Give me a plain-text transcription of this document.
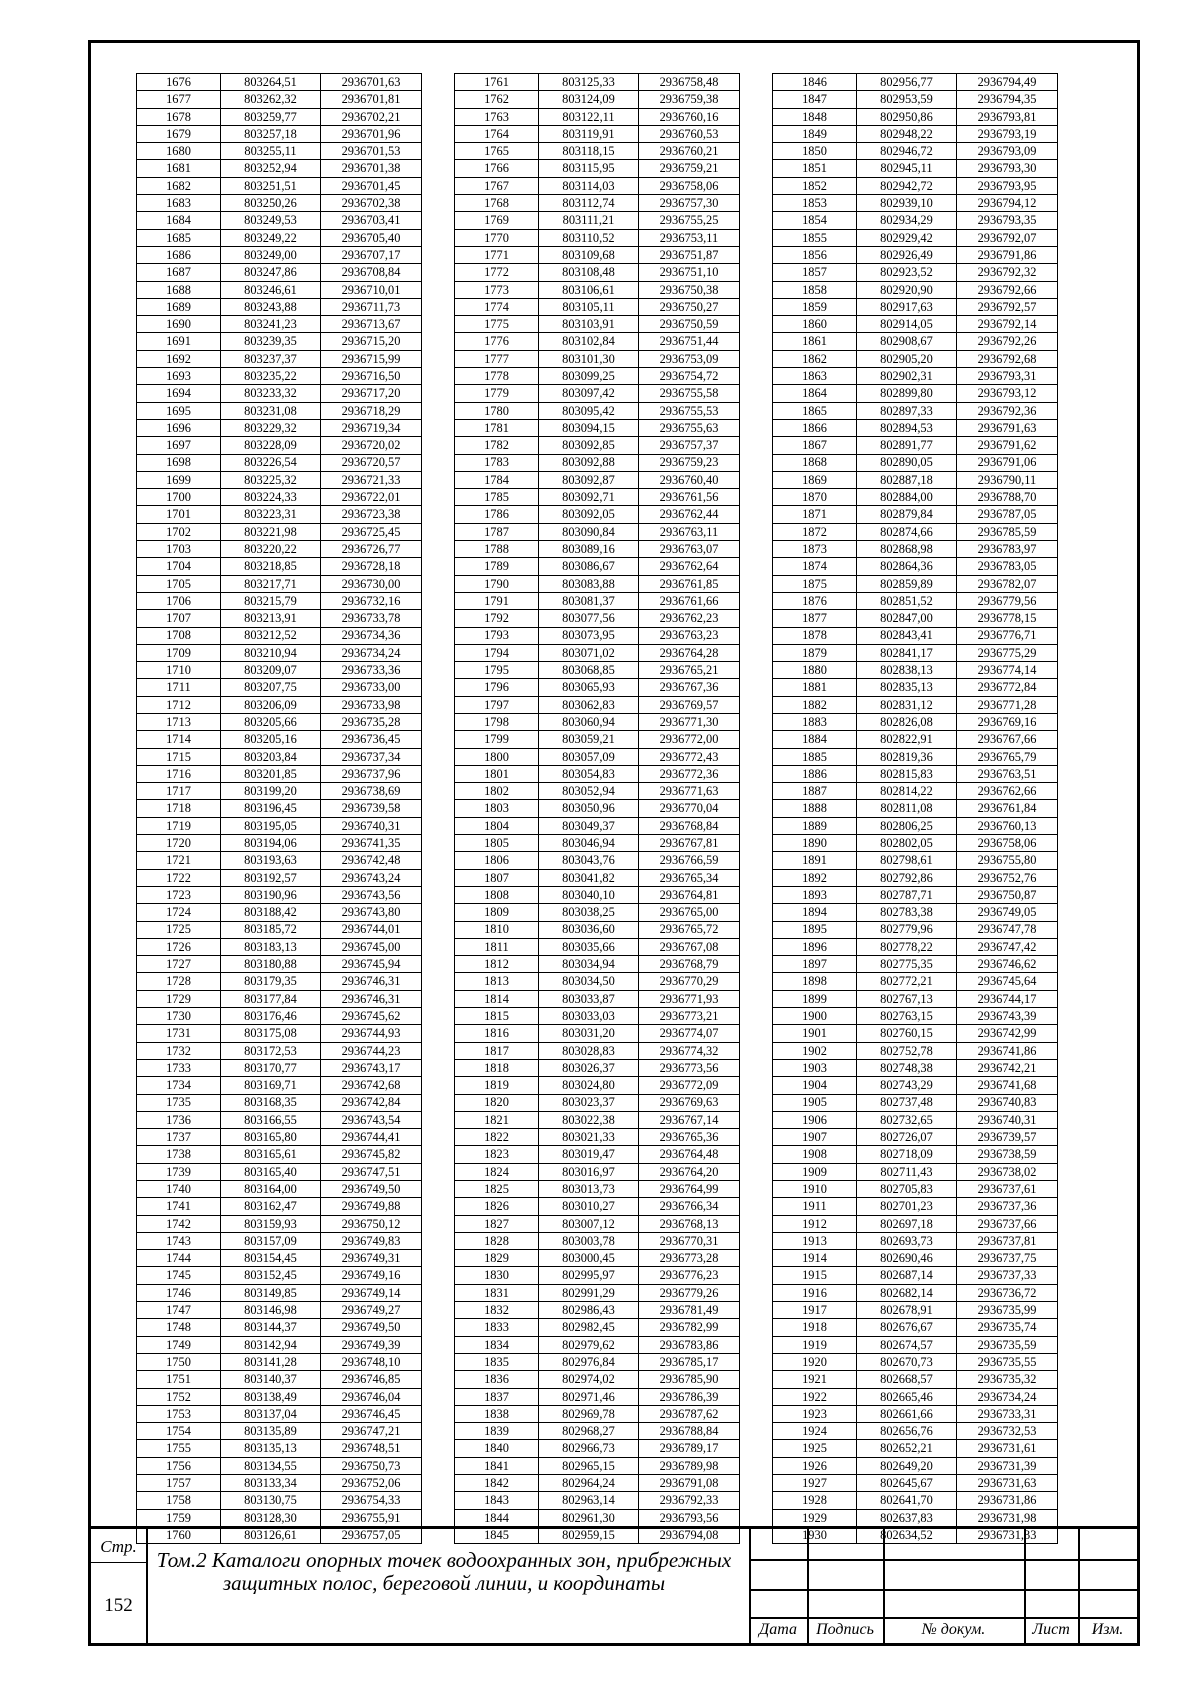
1676	803264,51	2936701,63
1677	803262,32	2936701,81
1678	803259,77	2936702,21
1679	803257,18	2936701,96
1680	803255,11	2936701,53
1681	803252,94	2936701,38
1682	803251,51	2936701,45
1683	803250,26	2936702,38
1684	803249,53	2936703,41
1685	803249,22	2936705,40
1686	803249,00	2936707,17
1687	803247,86	2936708,84
1688	803246,61	2936710,01
1689	803243,88	2936711,73
1690	803241,23	2936713,67
1691	803239,35	2936715,20
1692	803237,37	2936715,99
1693	803235,22	2936716,50
1694	803233,32	2936717,20
1695	803231,08	2936718,29
1696	803229,32	2936719,34
1697	803228,09	2936720,02
1698	803226,54	2936720,57
1699	803225,32	2936721,33
1700	803224,33	2936722,01
1701	803223,31	2936723,38
1702	803221,98	2936725,45
1703	803220,22	2936726,77
1704	803218,85	2936728,18
1705	803217,71	2936730,00
1706	803215,79	2936732,16
1707	803213,91	2936733,78
1708	803212,52	2936734,36
1709	803210,94	2936734,24
1710	803209,07	2936733,36
1711	803207,75	2936733,00
1712	803206,09	2936733,98
1713	803205,66	2936735,28
1714	803205,16	2936736,45
1715	803203,84	2936737,34
1716	803201,85	2936737,96
1717	803199,20	2936738,69
1718	803196,45	2936739,58
1719	803195,05	2936740,31
1720	803194,06	2936741,35
1721	803193,63	2936742,48
1722	803192,57	2936743,24
1723	803190,96	2936743,56
1724	803188,42	2936743,80
1725	803185,72	2936744,01
1726	803183,13	2936745,00
1727	803180,88	2936745,94
1728	803179,35	2936746,31
1729	803177,84	2936746,31
1730	803176,46	2936745,62
1731	803175,08	2936744,93
1732	803172,53	2936744,23
1733	803170,77	2936743,17
1734	803169,71	2936742,68
1735	803168,35	2936742,84
1736	803166,55	2936743,54
1737	803165,80	2936744,41
1738	803165,61	2936745,82
1739	803165,40	2936747,51
1740	803164,00	2936749,50
1741	803162,47	2936749,88
1742	803159,93	2936750,12
1743	803157,09	2936749,83
1744	803154,45	2936749,31
1745	803152,45	2936749,16
1746	803149,85	2936749,14
1747	803146,98	2936749,27
1748	803144,37	2936749,50
1749	803142,94	2936749,39
1750	803141,28	2936748,10
1751	803140,37	2936746,85
1752	803138,49	2936746,04
1753	803137,04	2936746,45
1754	803135,89	2936747,21
1755	803135,13	2936748,51
1756	803134,55	2936750,73
1757	803133,34	2936752,06
1758	803130,75	2936754,33
1759	803128,30	2936755,91
1760	803126,61	2936757,05
1761	803125,33	2936758,48
1762	803124,09	2936759,38
1763	803122,11	2936760,16
1764	803119,91	2936760,53
1765	803118,15	2936760,21
1766	803115,95	2936759,21
1767	803114,03	2936758,06
1768	803112,74	2936757,30
1769	803111,21	2936755,25
1770	803110,52	2936753,11
1771	803109,68	2936751,87
1772	803108,48	2936751,10
1773	803106,61	2936750,38
1774	803105,11	2936750,27
1775	803103,91	2936750,59
1776	803102,84	2936751,44
1777	803101,30	2936753,09
1778	803099,25	2936754,72
1779	803097,42	2936755,58
1780	803095,42	2936755,53
1781	803094,15	2936755,63
1782	803092,85	2936757,37
1783	803092,88	2936759,23
1784	803092,87	2936760,40
1785	803092,71	2936761,56
1786	803092,05	2936762,44
1787	803090,84	2936763,11
1788	803089,16	2936763,07
1789	803086,67	2936762,64
1790	803083,88	2936761,85
1791	803081,37	2936761,66
1792	803077,56	2936762,23
1793	803073,95	2936763,23
1794	803071,02	2936764,28
1795	803068,85	2936765,21
1796	803065,93	2936767,36
1797	803062,83	2936769,57
1798	803060,94	2936771,30
1799	803059,21	2936772,00
1800	803057,09	2936772,43
1801	803054,83	2936772,36
1802	803052,94	2936771,63
1803	803050,96	2936770,04
1804	803049,37	2936768,84
1805	803046,94	2936767,81
1806	803043,76	2936766,59
1807	803041,82	2936765,34
1808	803040,10	2936764,81
1809	803038,25	2936765,00
1810	803036,60	2936765,72
1811	803035,66	2936767,08
1812	803034,94	2936768,79
1813	803034,50	2936770,29
1814	803033,87	2936771,93
1815	803033,03	2936773,21
1816	803031,20	2936774,07
1817	803028,83	2936774,32
1818	803026,37	2936773,56
1819	803024,80	2936772,09
1820	803023,37	2936769,63
1821	803022,38	2936767,14
1822	803021,33	2936765,36
1823	803019,47	2936764,48
1824	803016,97	2936764,20
1825	803013,73	2936764,99
1826	803010,27	2936766,34
1827	803007,12	2936768,13
1828	803003,78	2936770,31
1829	803000,45	2936773,28
1830	802995,97	2936776,23
1831	802991,29	2936779,26
1832	802986,43	2936781,49
1833	802982,45	2936782,99
1834	802979,62	2936783,86
1835	802976,84	2936785,17
1836	802974,02	2936785,90
1837	802971,46	2936786,39
1838	802969,78	2936787,62
1839	802968,27	2936788,84
1840	802966,73	2936789,17
1841	802965,15	2936789,98
1842	802964,24	2936791,08
1843	802963,14	2936792,33
1844	802961,30	2936793,56
1845	802959,15	2936794,08
1846	802956,77	2936794,49
1847	802953,59	2936794,35
1848	802950,86	2936793,81
1849	802948,22	2936793,19
1850	802946,72	2936793,09
1851	802945,11	2936793,30
1852	802942,72	2936793,95
1853	802939,10	2936794,12
1854	802934,29	2936793,35
1855	802929,42	2936792,07
1856	802926,49	2936791,86
1857	802923,52	2936792,32
1858	802920,90	2936792,66
1859	802917,63	2936792,57
1860	802914,05	2936792,14
1861	802908,67	2936792,26
1862	802905,20	2936792,68
1863	802902,31	2936793,31
1864	802899,80	2936793,12
1865	802897,33	2936792,36
1866	802894,53	2936791,63
1867	802891,77	2936791,62
1868	802890,05	2936791,06
1869	802887,18	2936790,11
1870	802884,00	2936788,70
1871	802879,84	2936787,05
1872	802874,66	2936785,59
1873	802868,98	2936783,97
1874	802864,36	2936783,05
1875	802859,89	2936782,07
1876	802851,52	2936779,56
1877	802847,00	2936778,15
1878	802843,41	2936776,71
1879	802841,17	2936775,29
1880	802838,13	2936774,14
1881	802835,13	2936772,84
1882	802831,12	2936771,28
1883	802826,08	2936769,16
1884	802822,91	2936767,66
1885	802819,36	2936765,79
1886	802815,83	2936763,51
1887	802814,22	2936762,66
1888	802811,08	2936761,84
1889	802806,25	2936760,13
1890	802802,05	2936758,06
1891	802798,61	2936755,80
1892	802792,86	2936752,76
1893	802787,71	2936750,87
1894	802783,38	2936749,05
1895	802779,96	2936747,78
1896	802778,22	2936747,42
1897	802775,35	2936746,62
1898	802772,21	2936745,64
1899	802767,13	2936744,17
1900	802763,15	2936743,39
1901	802760,15	2936742,99
1902	802752,78	2936741,86
1903	802748,38	2936742,21
1904	802743,29	2936741,68
1905	802737,48	2936740,83
1906	802732,65	2936740,31
1907	802726,07	2936739,57
1908	802718,09	2936738,59
1909	802711,43	2936738,02
1910	802705,83	2936737,61
1911	802701,23	2936737,36
1912	802697,18	2936737,66
1913	802693,73	2936737,81
1914	802690,46	2936737,75
1915	802687,14	2936737,33
1916	802682,14	2936736,72
1917	802678,91	2936735,99
1918	802676,67	2936735,74
1919	802674,57	2936735,59
1920	802670,73	2936735,55
1921	802668,57	2936735,32
1922	802665,46	2936734,24
1923	802661,66	2936733,31
1924	802656,76	2936732,53
1925	802652,21	2936731,61
1926	802649,20	2936731,39
1927	802645,67	2936731,63
1928	802641,70	2936731,86
1929	802637,83	2936731,98
1930	802634,52	2936731,33
Стр.
152
Том.2 Каталоги опорных точек водоохранных зон, прибрежных защитных полос, береговой линии, и координаты
Дата	Подпись	№ докум.	Лист	Изм.
